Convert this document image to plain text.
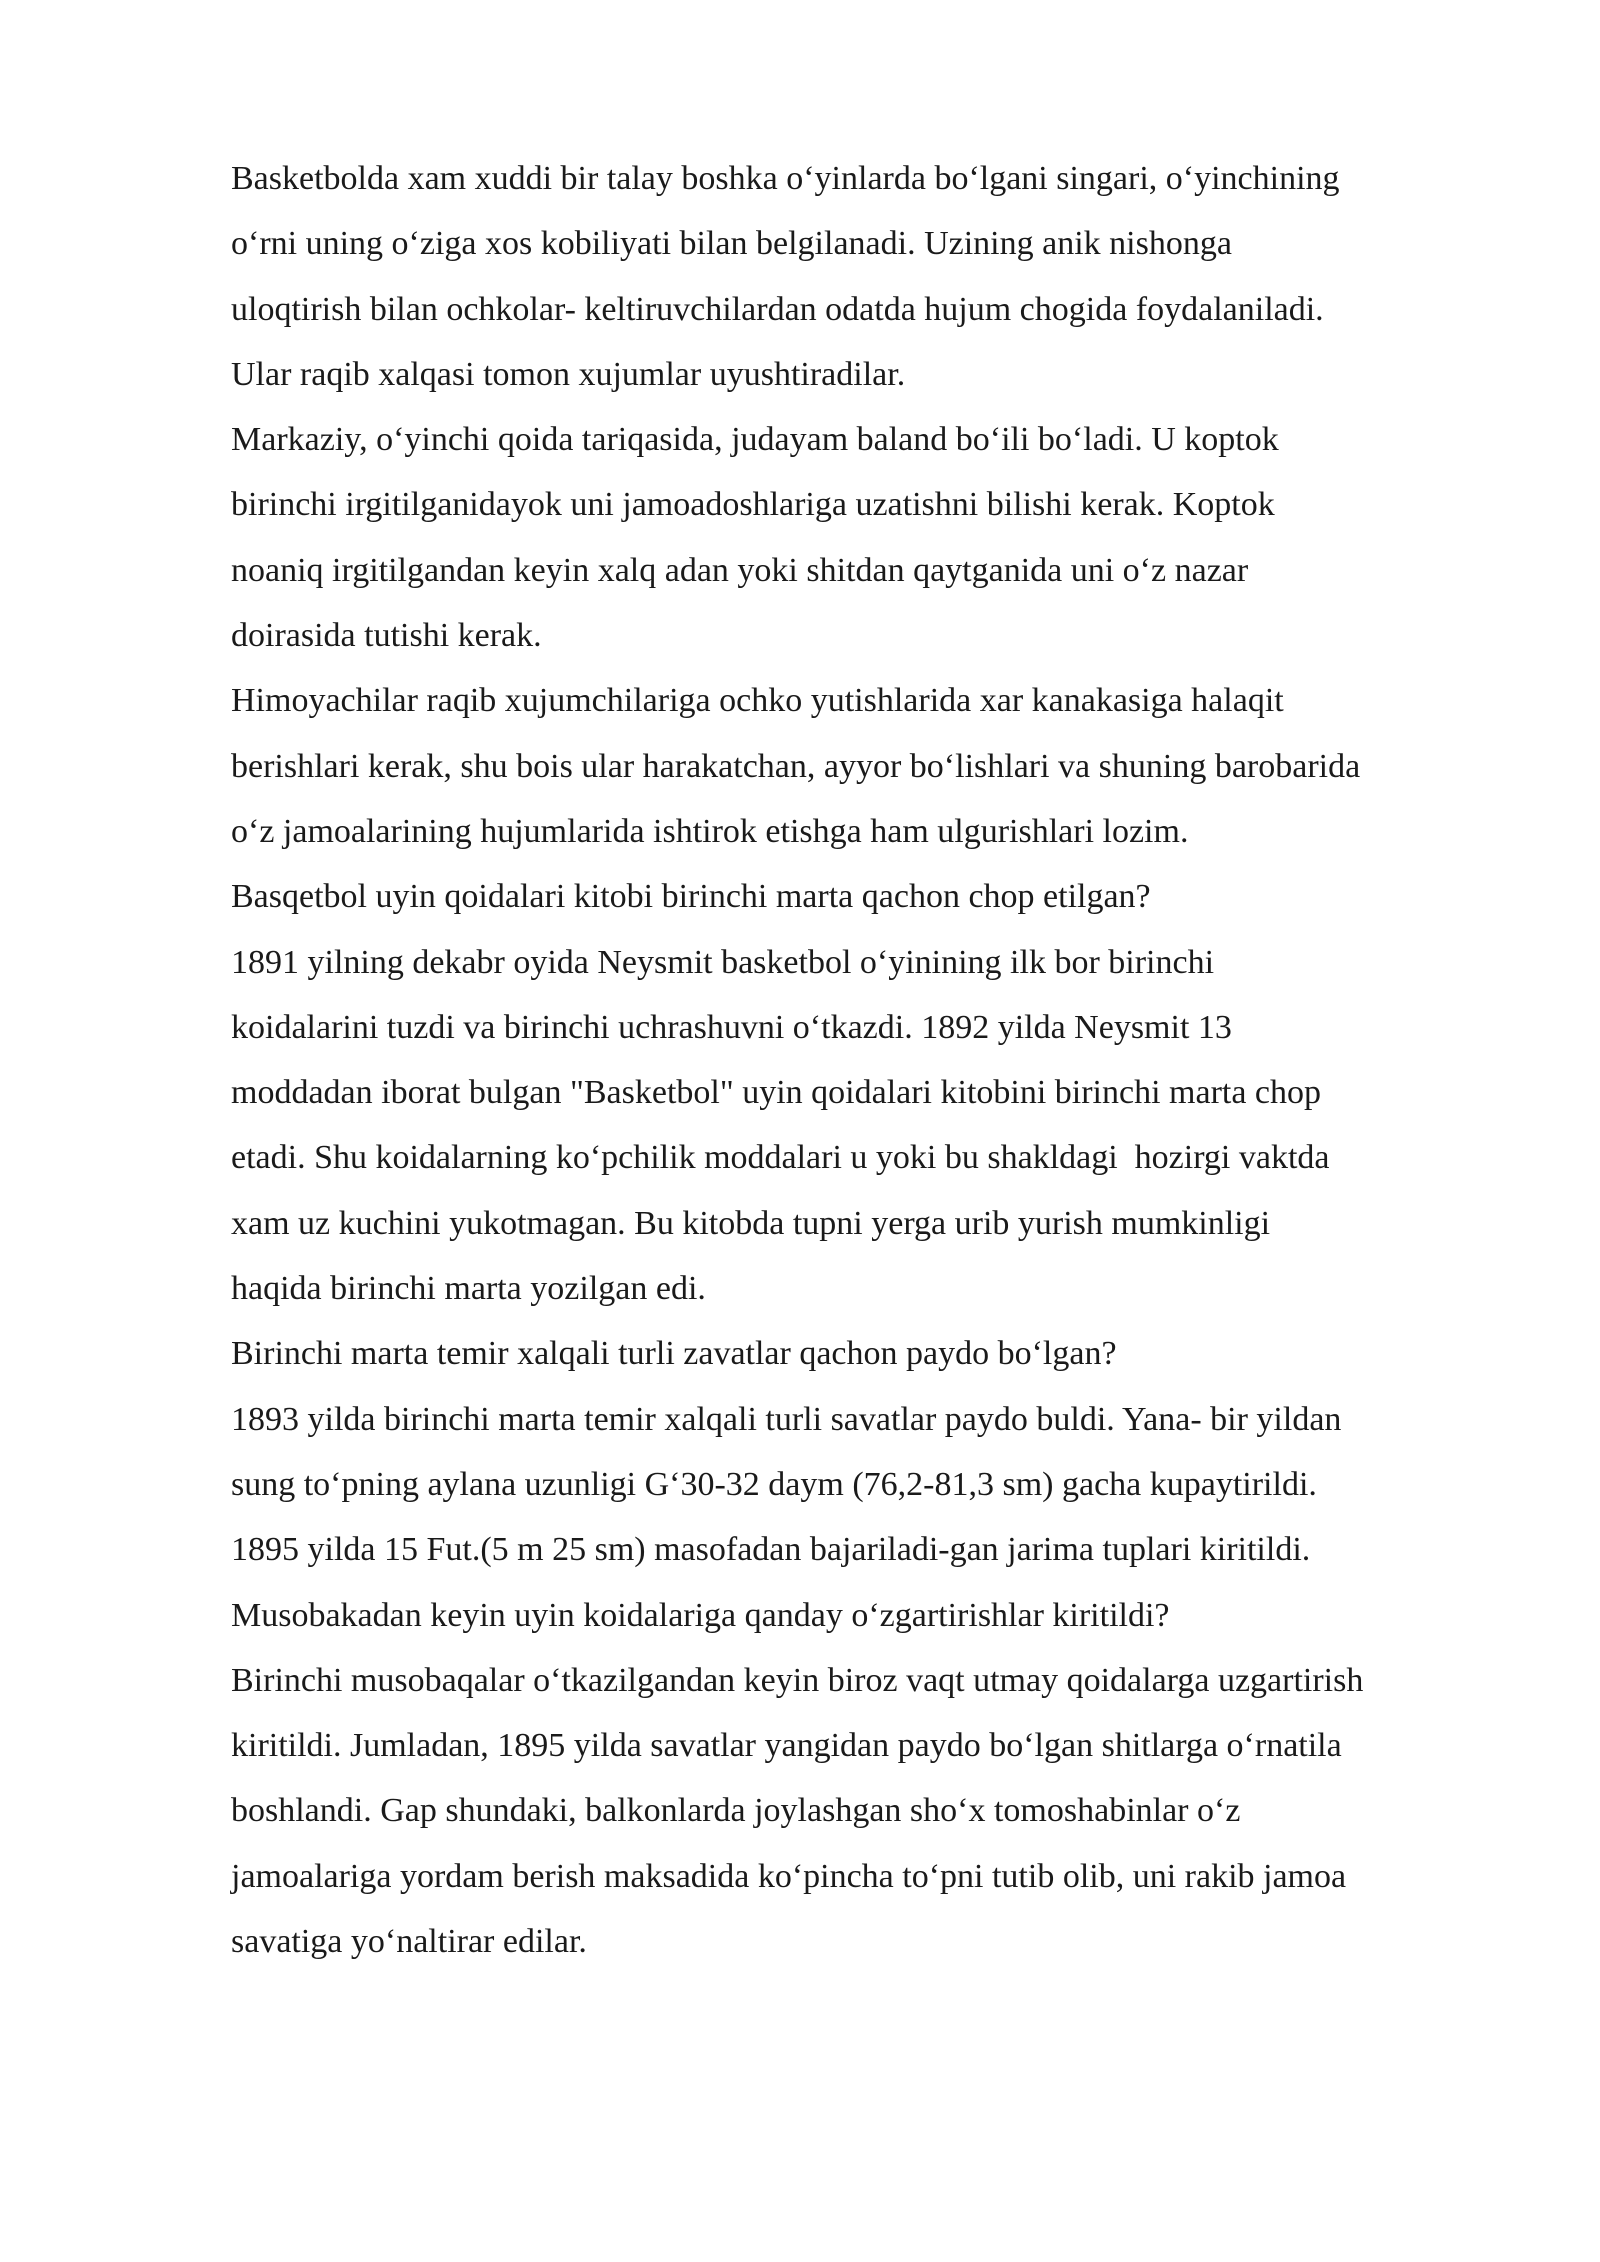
Basketbolda xam xuddi bir talay boshka o‘yinlarda bo‘lgani singari, o‘yinchining
o‘rni uning o‘ziga xos kobiliyati bilan belgilanadi. Uzining anik nishonga
uloqtirish bilan ochkolar- keltiruvchilardan odatda hujum chogida foydalaniladi.
Ular raqib xalqasi tomon xujumlar uyushtiradilar.

Markaziy, o‘yinchi qoida tariqasida, judayam baland bo‘ili bo‘ladi. U koptok
birinchi irgitilganidayok uni jamoadoshlariga uzatishni bilishi kerak. Koptok
noaniq irgitilgandan keyin xalq adan yoki shitdan qaytganida uni o‘z nazar
doirasida tutishi kerak.

Himoyachilar raqib xujumchilariga ochko yutishlarida xar kanakasiga halaqit
berishlari kerak, shu bois ular harakatchan, ayyor bo‘lishlari va shuning barobarida
o‘z jamoalarining hujumlarida ishtirok etishga ham ulgurishlari lozim.

Basqetbol uyin qoidalari kitobi birinchi marta qachon chop etilgan?

1891 yilning dekabr oyida Neysmit basketbol o‘yinining ilk bor birinchi
koidalarini tuzdi va birinchi uchrashuvni o‘tkazdi. 1892 yilda Neysmit 13
moddadan iborat bulgan "Basketbol" uyin qoidalari kitobini birinchi marta chop
etadi. Shu koidalarning ko‘pchilik moddalari u yoki bu shakldagi  hozirgi vaktda
xam uz kuchini yukotmagan. Bu kitobda tupni yerga urib yurish mumkinligi
haqida birinchi marta yozilgan edi.

Birinchi marta temir xalqali turli zavatlar qachon paydo bo‘lgan?

1893 yilda birinchi marta temir xalqali turli savatlar paydo buldi. Yana- bir yildan
sung to‘pning aylana uzunligi G‘30-32 daym (76,2-81,3 sm) gacha kupaytirildi.
1895 yilda 15 Fut.(5 m 25 sm) masofadan bajariladi-gan jarima tuplari kiritildi.

Musobakadan keyin uyin koidalariga qanday o‘zgartirishlar kiritildi?

Birinchi musobaqalar o‘tkazilgandan keyin biroz vaqt utmay qoidalarga uzgartirish
kiritildi. Jumladan, 1895 yilda savatlar yangidan paydo bo‘lgan shitlarga o‘rnatila
boshlandi. Gap shundaki, balkonlarda joylashgan sho‘x tomoshabinlar o‘z
jamoalariga yordam berish maksadida ko‘pincha to‘pni tutib olib, uni rakib jamoa
savatiga yo‘naltirar edilar.
